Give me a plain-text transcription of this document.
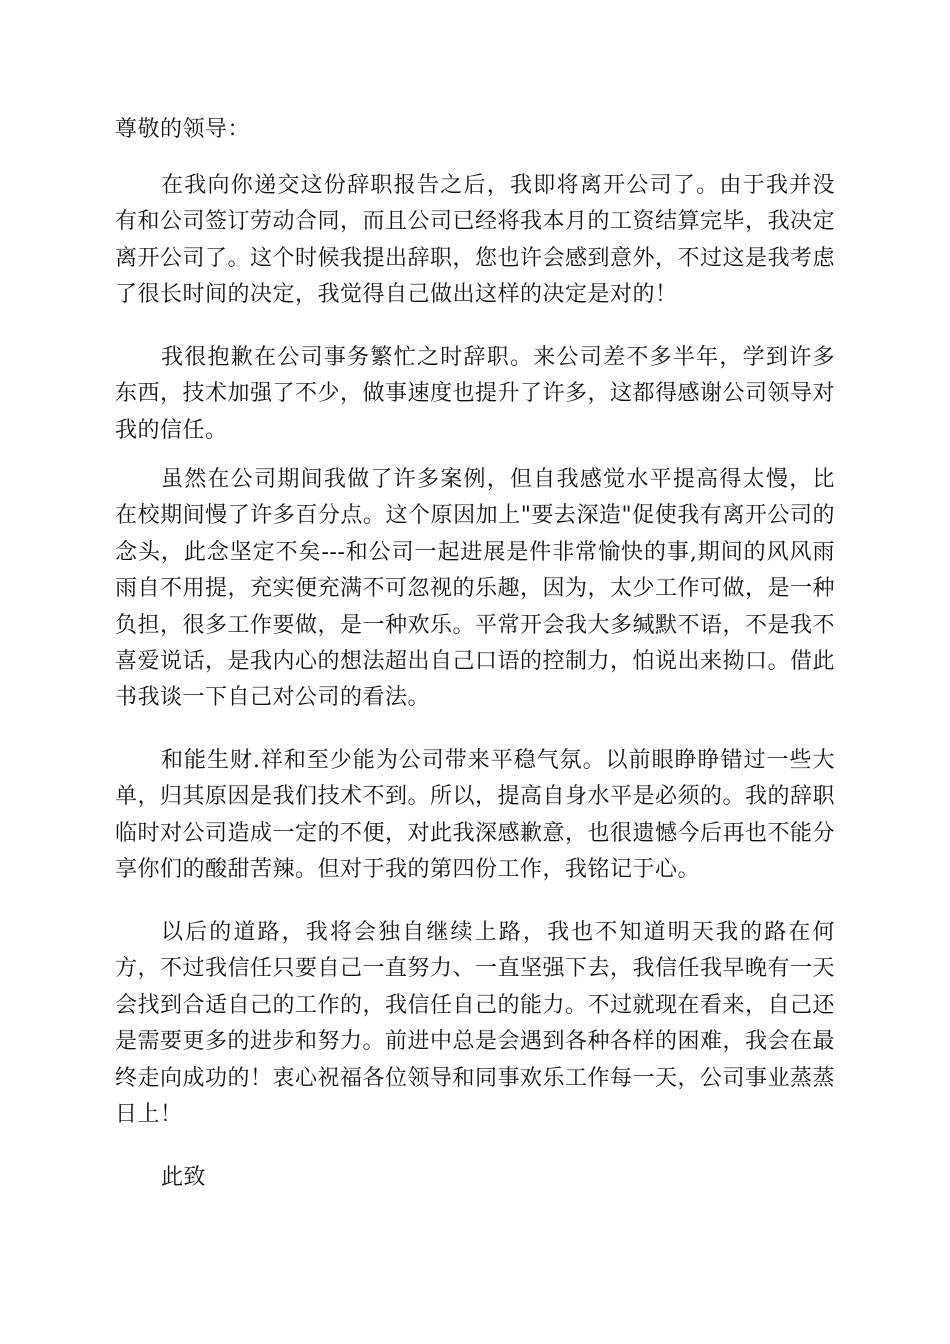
尊敬的领导：

在我向你递交这份辞职报告之后，我即将离开公司了。由于我并没有和公司签订劳动合同，而且公司已经将我本月的工资结算完毕，我决定离开公司了。这个时候我提出辞职，您也许会感到意外，不过这是我考虑了很长时间的决定，我觉得自己做出这样的决定是对的！

我很抱歉在公司事务繁忙之时辞职。来公司差不多半年，学到许多东西，技术加强了不少，做事速度也提升了许多，这都得感谢公司领导对我的信任。

虽然在公司期间我做了许多案例，但自我感觉水平提高得太慢，比在校期间慢了许多百分点。这个原因加上"要去深造"促使我有离开公司的念头，此念坚定不矣---和公司一起进展是件非常愉快的事,期间的风风雨雨自不用提，充实便充满不可忽视的乐趣，因为，太少工作可做，是一种负担，很多工作要做，是一种欢乐。平常开会我大多缄默不语，不是我不喜爱说话，是我内心的想法超出自己口语的控制力，怕说出来拗口。借此书我谈一下自己对公司的看法。

和能生财.祥和至少能为公司带来平稳气氛。以前眼睁睁错过一些大单，归其原因是我们技术不到。所以，提高自身水平是必须的。我的辞职临时对公司造成一定的不便，对此我深感歉意，也很遗憾今后再也不能分享你们的酸甜苦辣。但对于我的第四份工作，我铭记于心。

以后的道路，我将会独自继续上路，我也不知道明天我的路在何方，不过我信任只要自己一直努力、一直坚强下去，我信任我早晚有一天会找到合适自己的工作的，我信任自己的能力。不过就现在看来，自己还是需要更多的进步和努力。前进中总是会遇到各种各样的困难，我会在最终走向成功的！衷心祝福各位领导和同事欢乐工作每一天，公司事业蒸蒸日上！

此致
